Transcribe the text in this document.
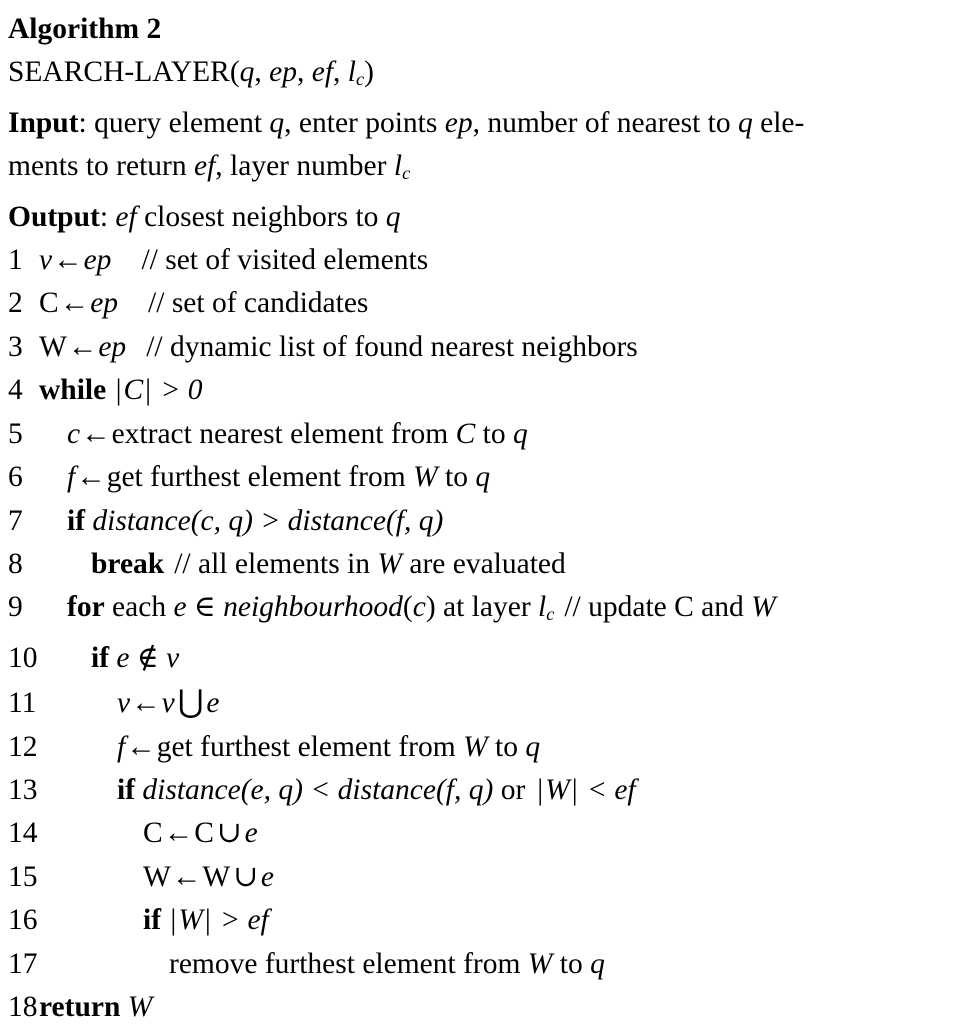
Algorithm 2
SEARCH-LAYER(q, ep, ef, $l_c$)
Input: query element q, enter points ep, number of nearest to q ele-
ments to return ef, layer number $l_c$
Output: ef closest neighbors to q
1 v←ep // set of visited elements
2 C←ep // set of candidates
3 W←ep // dynamic list of found nearest neighbors
4 while |C| > 0
5	c←extract nearest element from C to q
6	f←get furthest element from W to q
7	if distance(c, q) > distance(f, q)
8	break // all elements in W are evaluated
9	for each e ∈ neighbourhood(c) at layer $l_c$ // update C and W
10	if e ∉ v
11	v←v⋃ e
12	f←get furthest element from W to q
13	if distance(e, q) < distance(f, q) or |W| < ef
14	C←C ∪ e
15	W←W ∪ e
16	if |W| > ef
17	remove furthest element from W to q
18 return W
